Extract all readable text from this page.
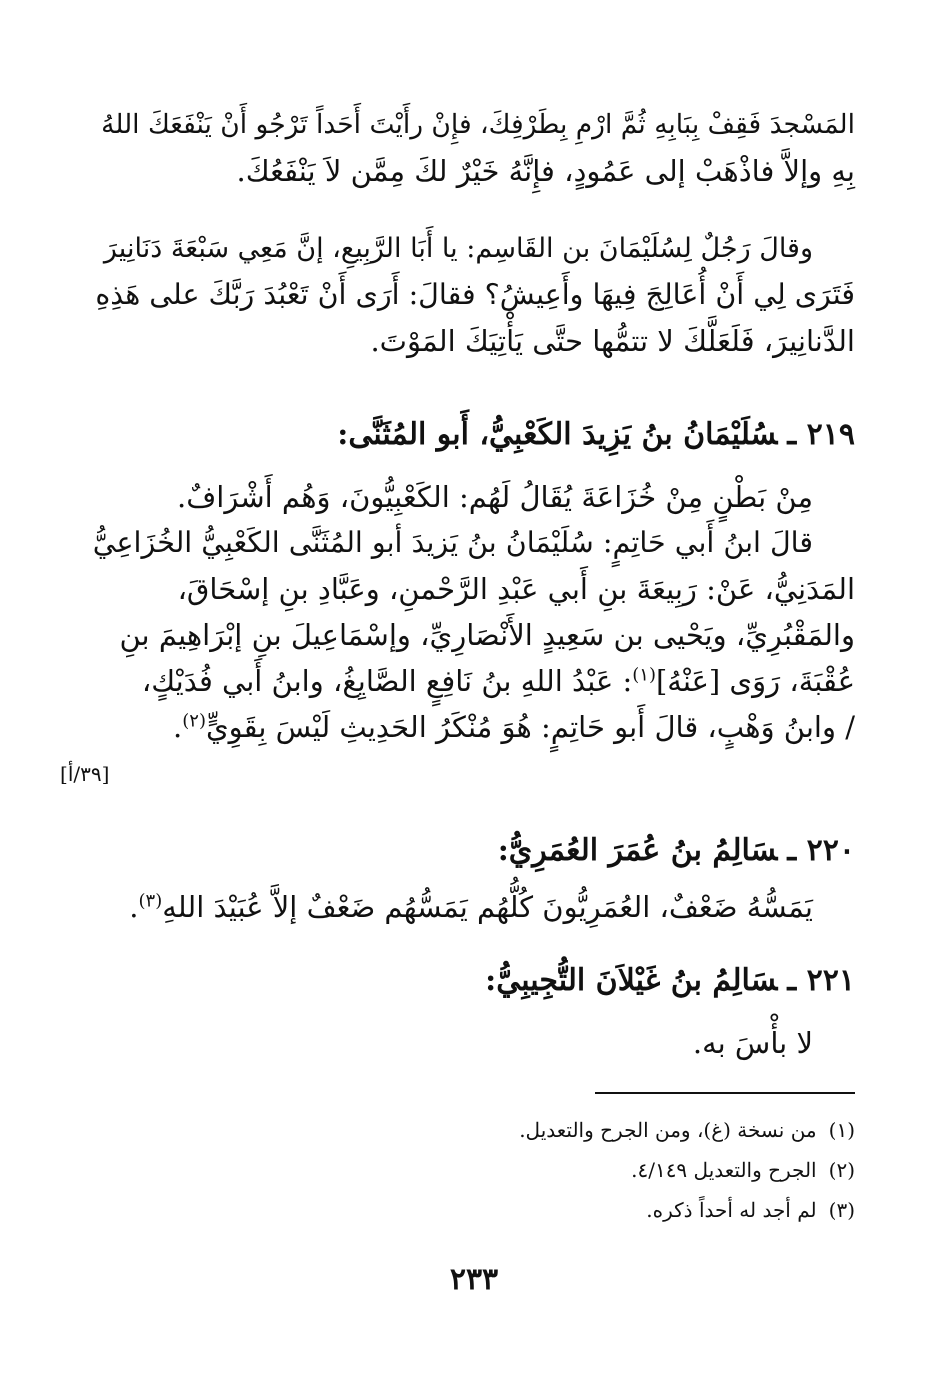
المَسْجدَ فَقِفْ بِبَابِهِ ثُمَّ ارْمِ بِطَرْفِكَ، فإِنْ رأَيْتَ أَحَداً تَرْجُو أَنْ يَنْفَعَكَ اللهُ
بِهِ وإلاَّ فاذْهَبْ إلى عَمُودٍ، فإِنَّهُ خَيْرٌ لكَ مِمَّن لاَ يَنْفَعُكَ.
وقالَ رَجُلٌ لِسُلَيْمَانَ بن القَاسِم: يا أَبَا الرَّبِيعِ، إنَّ مَعِي سَبْعَةَ دَنَانِيرَ
فَتَرَى لِي أَنْ أُعَالِجَ فِيهَا وأَعِيشُ؟ فقالَ: أَرَى أَنْ تَعْبُدَ رَبَّكَ على هَذِهِ
الدَّنانِيرَ، فَلَعَلَّكَ لا تتمُّها حتَّى يَأْتِيَكَ المَوْتَ.
٢١٩ ـسُلَيْمَانُ بنُ يَزِيدَ الكَعْبِيُّ، أَبو المُثَنَّى:
مِنْ بَطْنٍ مِنْ خُزَاعَةَ يُقَالُ لَهُم: الكَعْبِيُّونَ، وَهُم أَشْرَافٌ.
قالَ ابنُ أَبي حَاتِمٍ: سُلَيْمَانُ بنُ يَزيدَ أبو المُثَنَّى الكَعْبِيُّ الخُزَاعِيُّ
المَدَنِيُّ، عَنْ: رَبِيعَةَ بنِ أَبي عَبْدِ الرَّحْمنِ، وعَبَّادِ بنِ إسْحَاقَ،
والمَقْبُرِيِّ، ويَحْيى بن سَعِيدٍ الأَنْصَارِيِّ، وإسْمَاعِيلَ بنِ إبْرَاهِيمَ بنِ
عُقْبَةَ، رَوَى [عَنْهُ]$^{(١)}$: عَبْدُ اللهِ بنُ نَافِعٍ الصَّايِغُ، وابنُ أَبي فُدَيْكٍ،
/ وابنُ وَهْبٍ، قالَ أَبو حَاتِمٍ: هُوَ مُنْكَرُ الحَدِيثِ لَيْسَ بِقَوِيٍّ$^{(٢)}$.
[٣٩/أ]
٢٢٠ ـسَالِمُ بنُ عُمَرَ العُمَرِيُّ:
يَمَسُّهُ ضَعْفٌ، العُمَرِيُّونَ كُلُّهُم يَمَسُّهُم ضَعْفٌ إلاَّ عُبَيْدَ اللهِ$^{(٣)}$.
٢٢١ ـسَالِمُ بنُ غَيْلاَنَ التُّجِيبِيُّ:
لا بأْسَ به.
(١)من نسخة (غ)، ومن الجرح والتعديل.
(٢)الجرح والتعديل ٤/١٤٩.
(٣)لم أجد له أحداً ذكره.
٢٣٣
